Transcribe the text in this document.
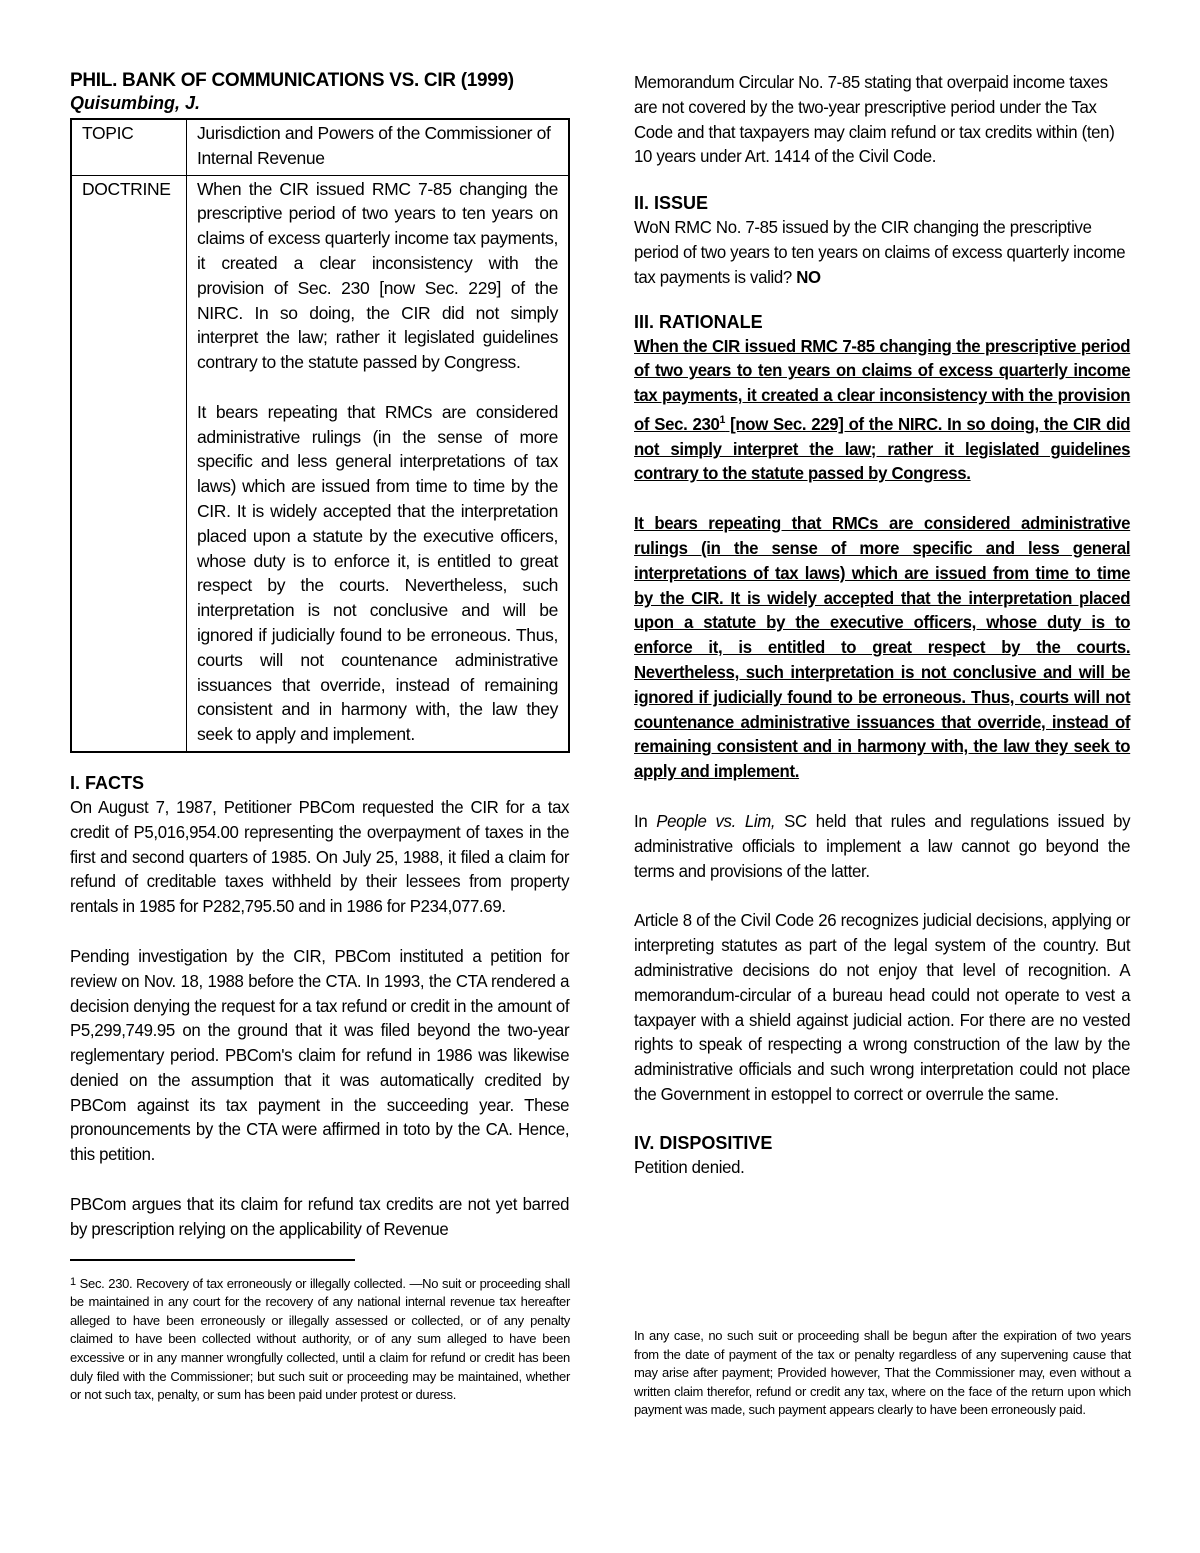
PHIL. BANK OF COMMUNICATIONS VS. CIR (1999)
Quisumbing, J.
TOPIC	Jurisdiction and Powers of the Commissioner of Internal Revenue
DOCTRINE	When the CIR issued RMC 7-85 changing the prescriptive period of two years to ten years on claims of excess quarterly income tax payments, it created a clear inconsistency with the provision of Sec. 230 [now Sec. 229] of the NIRC. In so doing, the CIR did not simply interpret the law; rather it legislated guidelines contrary to the statute passed by Congress.
It bears repeating that RMCs are considered administrative rulings (in the sense of more specific and less general interpretations of tax laws) which are issued from time to time by the CIR. It is widely accepted that the interpretation placed upon a statute by the executive officers, whose duty is to enforce it, is entitled to great respect by the courts. Nevertheless, such interpretation is not conclusive and will be ignored if judicially found to be erroneous. Thus, courts will not countenance administrative issuances that override, instead of remaining consistent and in harmony with, the law they seek to apply and implement.
I. FACTS
On August 7, 1987, Petitioner PBCom requested the CIR for a tax credit of P5,016,954.00 representing the overpayment of taxes in the first and second quarters of 1985. On July 25, 1988, it filed a claim for refund of creditable taxes withheld by their lessees from property rentals in 1985 for P282,795.50 and in 1986 for P234,077.69.
Pending investigation by the CIR, PBCom instituted a petition for review on Nov. 18, 1988 before the CTA. In 1993, the CTA rendered a decision denying the request for a tax refund or credit in the amount of P5,299,749.95 on the ground that it was filed beyond the two-year reglementary period. PBCom's claim for refund in 1986 was likewise denied on the assumption that it was automatically credited by PBCom against its tax payment in the succeeding year. These pronouncements by the CTA were affirmed in toto by the CA. Hence, this petition.
PBCom argues that its claim for refund tax credits are not yet barred by prescription relying on the applicability of Revenue
$^1$ Sec. 230. Recovery of tax erroneously or illegally collected. —No suit or proceeding shall be maintained in any court for the recovery of any national internal revenue tax hereafter alleged to have been erroneously or illegally assessed or collected, or of any penalty claimed to have been collected without authority, or of any sum alleged to have been excessive or in any manner wrongfully collected, until a claim for refund or credit has been duly filed with the Commissioner; but such suit or proceeding may be maintained, whether or not such tax, penalty, or sum has been paid under protest or duress.
Memorandum Circular No. 7-85 stating that overpaid income taxes are not covered by the two-year prescriptive period under the Tax Code and that taxpayers may claim refund or tax credits within (ten) 10 years under Art. 1414 of the Civil Code.
II. ISSUE
WoN RMC No. 7-85 issued by the CIR changing the prescriptive period of two years to ten years on claims of excess quarterly income tax payments is valid? NO
III. RATIONALE
When the CIR issued RMC 7-85 changing the prescriptive period of two years to ten years on claims of excess quarterly income tax payments, it created a clear inconsistency with the provision of Sec. $230^1$ [now Sec. 229] of the NIRC. In so doing, the CIR did not simply interpret the law; rather it legislated guidelines contrary to the statute passed by Congress.
It bears repeating that RMCs are considered administrative rulings (in the sense of more specific and less general interpretations of tax laws) which are issued from time to time by the CIR. It is widely accepted that the interpretation placed upon a statute by the executive officers, whose duty is to enforce it, is entitled to great respect by the courts. Nevertheless, such interpretation is not conclusive and will be ignored if judicially found to be erroneous. Thus, courts will not countenance administrative issuances that override, instead of remaining consistent and in harmony with, the law they seek to apply and implement.
In People vs. Lim, SC held that rules and regulations issued by administrative officials to implement a law cannot go beyond the terms and provisions of the latter.
Article 8 of the Civil Code 26 recognizes judicial decisions, applying or interpreting statutes as part of the legal system of the country. But administrative decisions do not enjoy that level of recognition. A memorandum-circular of a bureau head could not operate to vest a taxpayer with a shield against judicial action. For there are no vested rights to speak of respecting a wrong construction of the law by the administrative officials and such wrong interpretation could not place the Government in estoppel to correct or overrule the same.
IV. DISPOSITIVE
Petition denied.
In any case, no such suit or proceeding shall be begun after the expiration of two years from the date of payment of the tax or penalty regardless of any supervening cause that may arise after payment; Provided however, That the Commissioner may, even without a written claim therefor, refund or credit any tax, where on the face of the return upon which payment was made, such payment appears clearly to have been erroneously paid.
